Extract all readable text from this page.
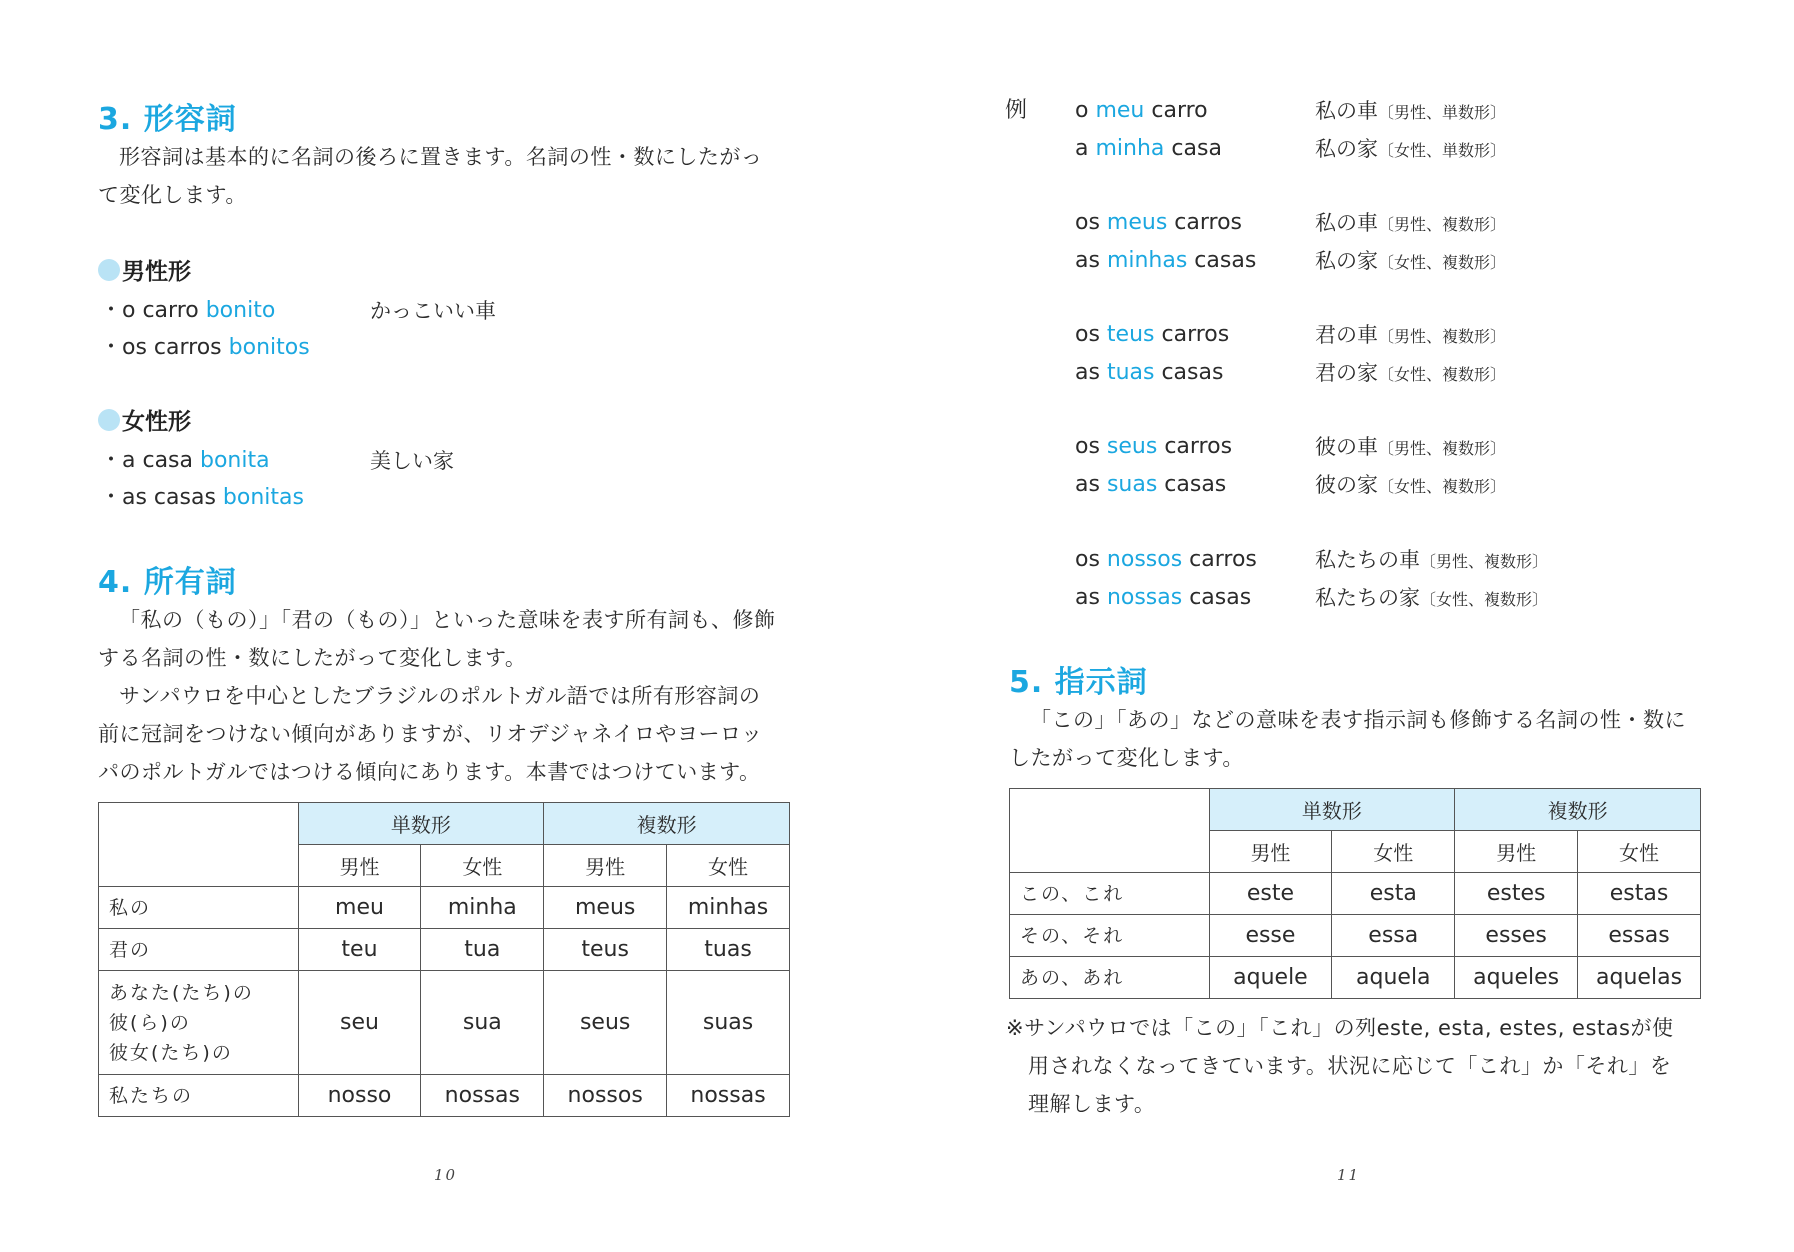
3. 形容詞

形容詞は基本的に名詞の後ろに置きます。名詞の性・数にしたがっ

て変化します。

男性形
・o carro bonito	かっこいい車
・os carros bonitos
女性形
・a casa bonita	美しい家
・as casas bonitas
4. 所有詞

「私の（もの）」「君の（もの）」といった意味を表す所有詞も、修飾

する名詞の性・数にしたがって変化します。

サンパウロを中心としたブラジルのポルトガル語では所有形容詞の

前に冠詞をつけない傾向がありますが、リオデジャネイロやヨーロッ

パのポルトガルではつける傾向にあります。本書ではつけています。

	単数形		複数形	
	男性	女性	男性	女性
私の	meu	minha	meus	minhas
君の	teu	tua	teus	tuas

あなた(たち)の
彼(ら)の
彼女(たち)の	seu	sua	seus	suas
私たちの	nosso	nossas	nossos	nossas
10
例 o meu carro	私の車〔男性、単数形〕
a minha casa	私の家〔女性、単数形〕
os meus carros	私の車〔男性、複数形〕
as minhas casas	私の家〔女性、複数形〕
os teus carros	君の車〔男性、複数形〕
as tuas casas	君の家〔女性、複数形〕
os seus carros	彼の車〔男性、複数形〕
as suas casas	彼の家〔女性、複数形〕
os nossos carros	私たちの車〔男性、複数形〕
as nossas casas	私たちの家〔女性、複数形〕
5. 指示詞

「この」「あの」などの意味を表す指示詞も修飾する名詞の性・数に

したがって変化します。

	単数形		複数形	
	男性	女性	男性	女性
この、これ	este	esta	estes	estas
その、それ	esse	essa	esses	essas
あの、あれ	aquele	aquela	aqueles	aquelas
※サンパウロでは「この」「これ」の列este, esta, estes, estasが使
用されなくなってきています。状況に応じて「これ」か「それ」を
理解します。
11
